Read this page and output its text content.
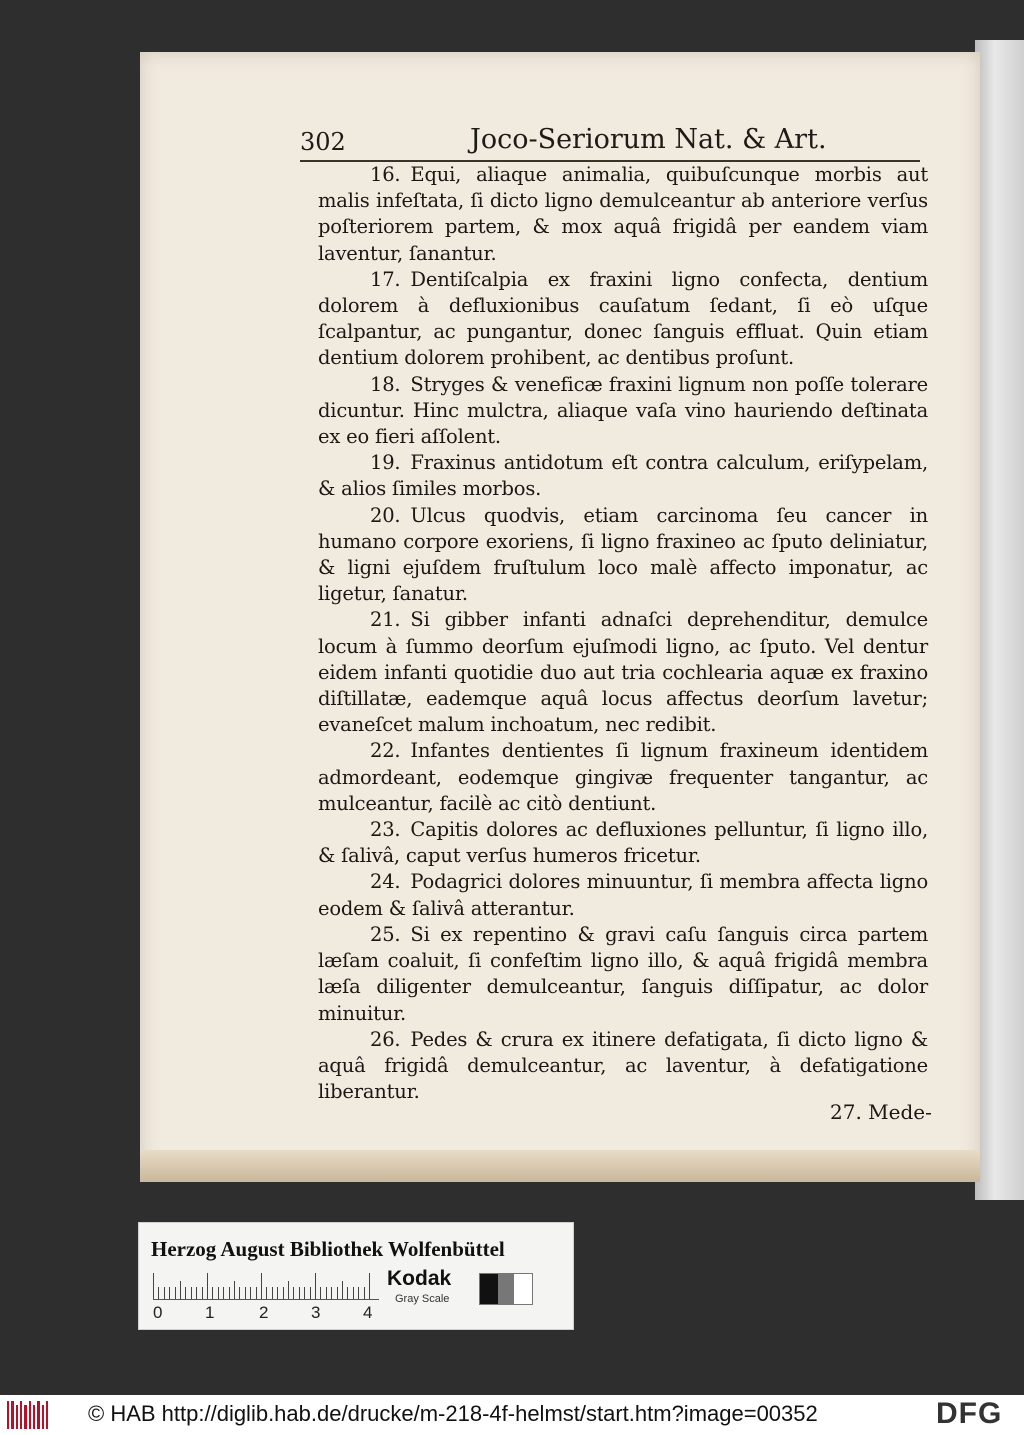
302	Joco-Seriorum Nat. & Art.

16. Equi, aliaque animalia, quibuſcunque morbis aut malis infeſtata, ſi dicto ligno demulceantur ab anteriore verſus poſteriorem partem, & mox aquâ frigidâ per eandem viam laventur, ſanantur.

17. Dentiſcalpia ex fraxini ligno confecta, dentium dolorem à defluxionibus cauſatum ſedant, ſi eò uſque ſcalpantur, ac pungantur, donec ſanguis effluat. Quin etiam dentium dolorem prohibent, ac dentibus proſunt.

18. Stryges & veneficæ fraxini lignum non poſſe tolerare dicuntur. Hinc mulctra, aliaque vaſa vino hauriendo deſtinata ex eo fieri aſſolent.

19. Fraxinus antidotum eſt contra calculum, eriſypelam, & alios ſimiles morbos.

20. Ulcus quodvis, etiam carcinoma ſeu cancer in humano corpore exoriens, ſi ligno fraxineo ac ſputo deliniatur, & ligni ejuſdem fruſtulum loco malè affecto imponatur, ac ligetur, ſanatur.

21. Si gibber infanti adnaſci deprehenditur, demulce locum à ſummo deorſum ejuſmodi ligno, ac ſputo. Vel dentur eidem infanti quotidie duo aut tria cochlearia aquæ ex fraxino diſtillatæ, eademque aquâ locus affectus deorſum lavetur; evaneſcet malum inchoatum, nec redibit.

22. Infantes dentientes ſi lignum fraxineum identidem admordeant, eodemque gingivæ frequenter tangantur, ac mulceantur, facilè ac citò dentiunt.

23. Capitis dolores ac defluxiones pelluntur, ſi ligno illo, & ſalivâ, caput verſus humeros fricetur.

24. Podagrici dolores minuuntur, ſi membra affecta ligno eodem & ſalivâ atterantur.

25. Si ex repentino & gravi caſu ſanguis circa partem læſam coaluit, ſi confeſtim ligno illo, & aquâ frigidâ membra læſa diligenter demulceantur, ſanguis diſſipatur, ac dolor minuitur.

26. Pedes & crura ex itinere defatigata, ſi dicto ligno & aquâ frigidâ demulceantur, ac laventur, à defatigatione liberantur.

27. Mede-
Herzog August Bibliothek Wolfenbüttel
0	1	2	3	4
Kodak
Gray Scale
© HAB http://diglib.hab.de/drucke/m-218-4f-helmst/start.htm?image=00352	DFG
